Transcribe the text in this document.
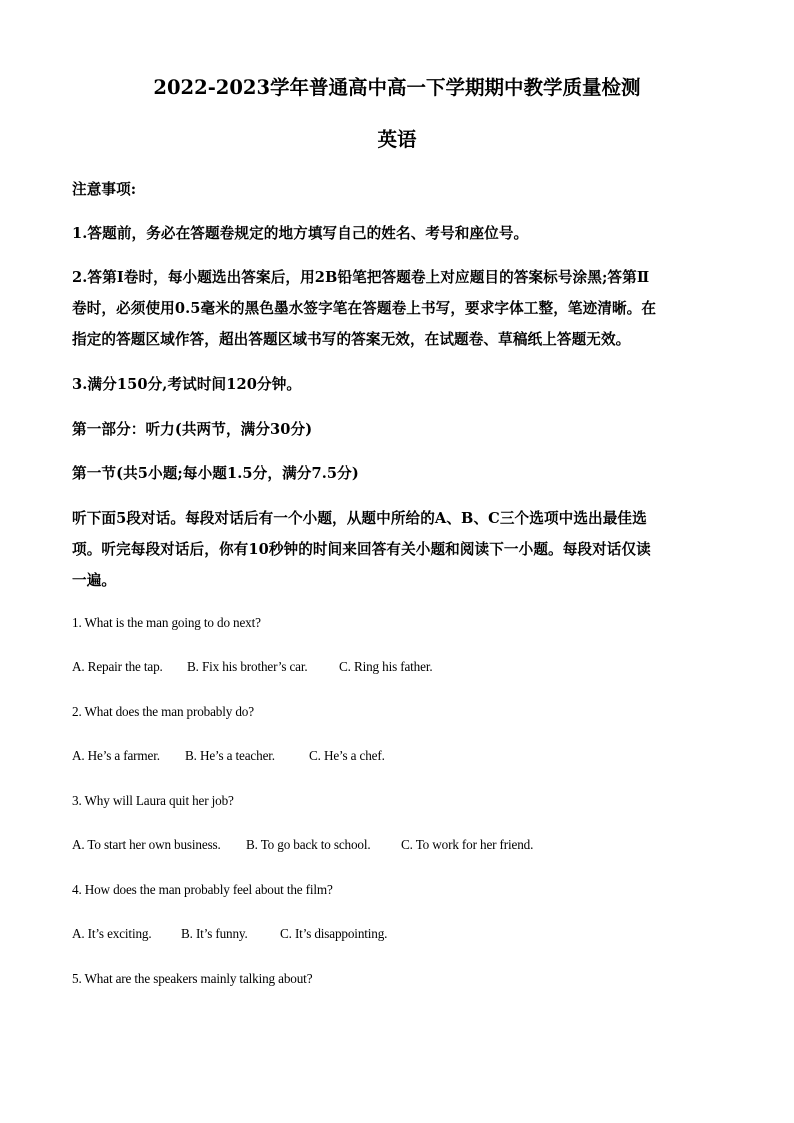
2022-2023学年普通高中高一下学期期中教学质量检测
英语
注意事项:
1.答题前，务必在答题卷规定的地方填写自己的姓名、考号和座位号。
2.答第Ⅰ卷时，每小题选出答案后，用2B铅笔把答题卷上对应题目的答案标号涂黑;答第Ⅱ
卷时，必须使用0.5毫米的黑色墨水签字笔在答题卷上书写，要求字体工整，笔迹清晰。在
指定的答题区域作答，超出答题区域书写的答案无效，在试题卷、草稿纸上答题无效。
3.满分150分,考试时间120分钟。
第一部分：听力(共两节，满分30分)
第一节(共5小题;每小题1.5分，满分7.5分)
听下面5段对话。每段对话后有一个小题，从题中所给的A、B、C三个选项中选出最佳选
项。听完每段对话后，你有10秒钟的时间来回答有关小题和阅读下一小题。每段对话仅读
一遍。
1. What is the man going to do next?
A. Repair the tap. B. Fix his brother’s car. C. Ring his father.
2. What does the man probably do?
A. He’s a farmer. B. He’s a teacher.	C. He’s a chef.
3. Why will Laura quit her job?
A. To start her own business. B. To go back to school. C. To work for her friend.
4. How does the man probably feel about the film?
A. It’s exciting. B. It’s funny. C. It’s disappointing.
5. What are the speakers mainly talking about?
